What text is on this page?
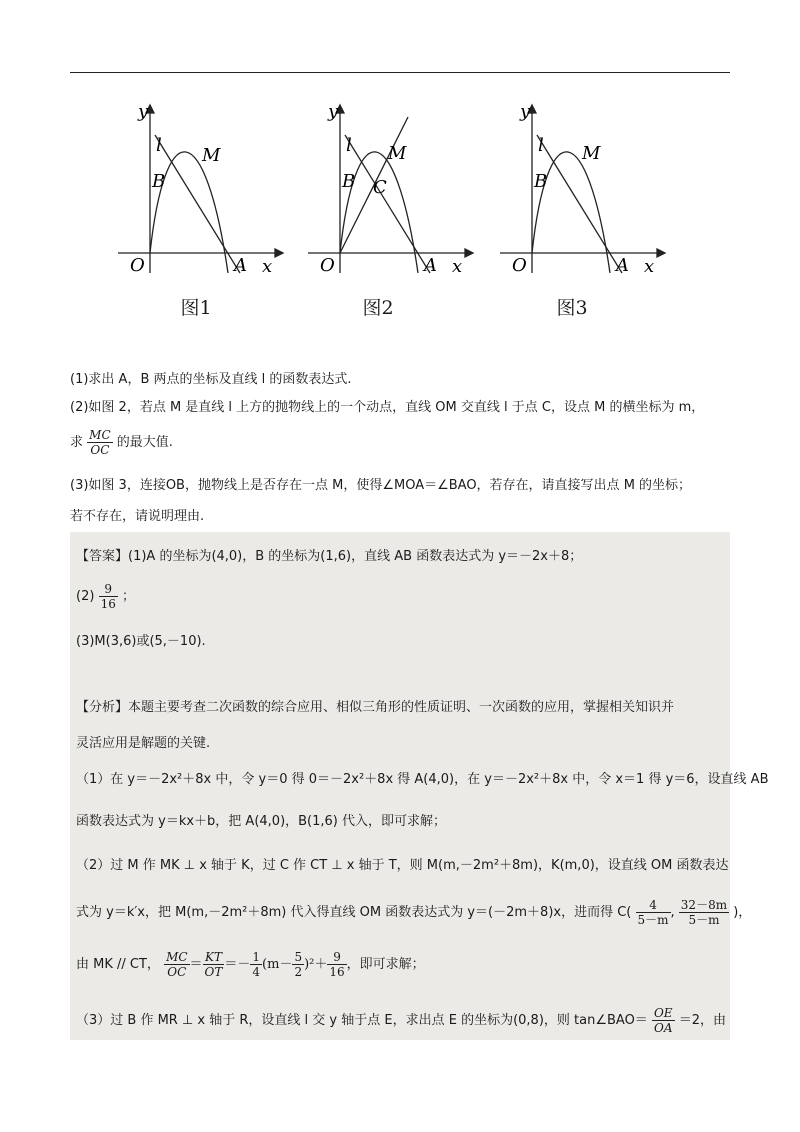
y
x
O	A
B
l M
图1
y
x
O	A
B
l M
C
图2
y
x
O	A
B
l M
图3
(1)求出 A，B 两点的坐标及直线 l 的函数表达式.
(2)如图 2，若点 M 是直线 l 上方的抛物线上的一个动点，直线 OM 交直线 l 于点 C，设点 M 的横坐标为 m，
求 $\frac{MC}{OC}$ 的最大值.
(3)如图 3，连接OB，抛物线上是否存在一点 M，使得∠MOA＝∠BAO，若存在，请直接写出点 M 的坐标；
若不存在，请说明理由.
【答案】(1)A 的坐标为(4,0)，B 的坐标为(1,6)，直线 AB 函数表达式为 y＝－2x＋8；
$(2) \frac{9}{16}$ ；
(3)M(3,6)或(5,－10).
【分析】本题主要考查二次函数的综合应用、相似三角形的性质证明、一次函数的应用，掌握相关知识并
灵活应用是解题的关键.
（1）在 y＝－2x²＋8x 中，令 y＝0 得 0＝－2x²＋8x 得 A(4,0)，在 y＝－2x²＋8x 中，令 x＝1 得 y＝6，设直线 AB
函数表达式为 y＝kx＋b，把 A(4,0)，B(1,6) 代入，即可求解；
（2）过 M 作 MK ⊥ x 轴于 K，过 C 作 CT ⊥ x 轴于 T，则 M(m,－2m²＋8m)，K(m,0)，设直线 OM 函数表达
式为 y＝k′x，把 M(m,－2m²＋8m) 代入得直线 OM 函数表达式为 y＝(－2m＋8)x，进而得 $C( \frac{4}{5-m}$ , $\frac{32-8m}{5-m}$ )，
由 MK // CT， $\frac{MC}{OC} = \frac{KT}{OT} =- \frac{1}{4} (m- \frac{5}{2} )^2+ \frac{9}{16}$ ，即可求解；
（3）过 B 作 MR ⊥ x 轴于 R，设直线 l 交 y 轴于点 E，求出点 E 的坐标为(0,8)，则 tan∠BAO＝ $\frac{OE}{OA} =2$，由
